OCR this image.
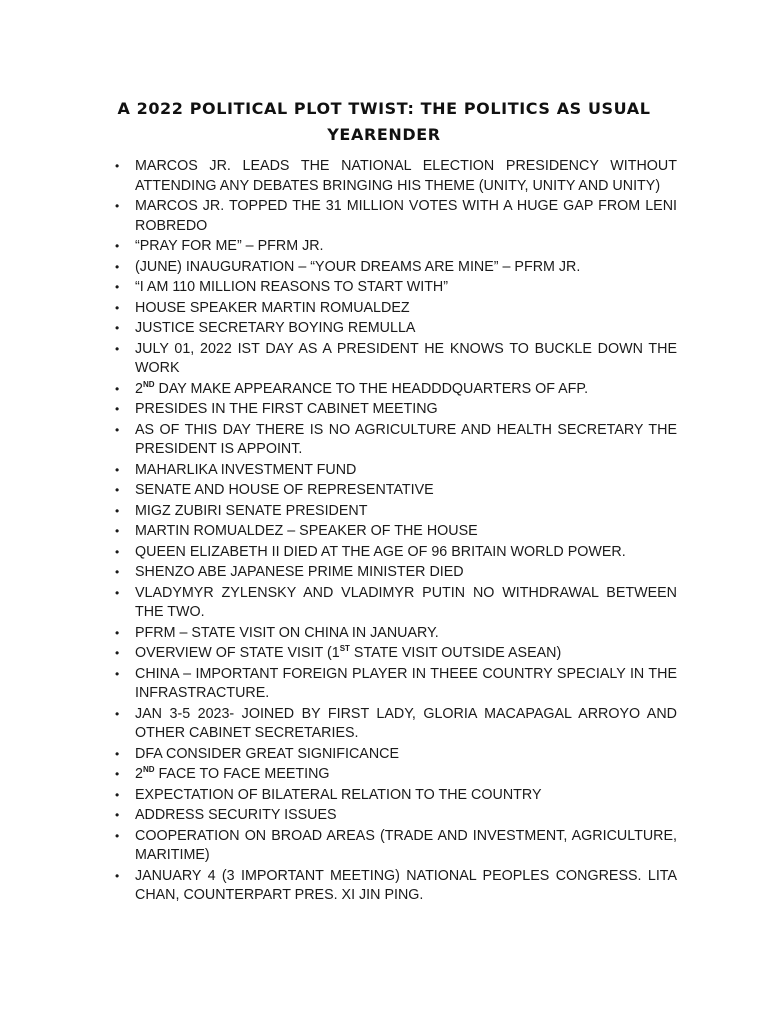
A 2022 POLITICAL PLOT TWIST: THE POLITICS AS USUAL
YEARENDER
•	MARCOS JR. LEADS THE NATIONAL ELECTION PRESIDENCY WITHOUT ATTENDING ANY DEBATES BRINGING HIS THEME (UNITY, UNITY AND UNITY)
•	MARCOS JR. TOPPED THE 31 MILLION VOTES WITH A HUGE GAP FROM LENI ROBREDO
•	“PRAY FOR ME” – PFRM JR.
•	(JUNE) INAUGURATION – “YOUR DREAMS ARE MINE” – PFRM JR.
•	“I AM 110 MILLION REASONS TO START WITH”
•	HOUSE SPEAKER MARTIN ROMUALDEZ
•	JUSTICE SECRETARY BOYING REMULLA
•	JULY 01, 2022 IST DAY AS A PRESIDENT HE KNOWS TO BUCKLE DOWN THE WORK
•	2ND DAY MAKE APPEARANCE TO THE HEADDDQUARTERS OF AFP.
•	PRESIDES IN THE FIRST CABINET MEETING
•	AS OF THIS DAY THERE IS NO AGRICULTURE AND HEALTH SECRETARY THE PRESIDENT IS APPOINT.
•	MAHARLIKA INVESTMENT FUND
•	SENATE AND HOUSE OF REPRESENTATIVE
•	MIGZ ZUBIRI SENATE PRESIDENT
•	MARTIN ROMUALDEZ – SPEAKER OF THE HOUSE
•	QUEEN ELIZABETH II DIED AT THE AGE OF 96 BRITAIN WORLD POWER.
•	SHENZO ABE JAPANESE PRIME MINISTER DIED
•	VLADYMYR ZYLENSKY AND VLADIMYR PUTIN NO WITHDRAWAL BETWEEN THE TWO.
•	PFRM – STATE VISIT ON CHINA IN JANUARY.
•	OVERVIEW OF STATE VISIT (1ST STATE VISIT OUTSIDE ASEAN)
•	CHINA – IMPORTANT FOREIGN PLAYER IN THEEE COUNTRY SPECIALY IN THE INFRASTRACTURE.
•	JAN 3-5 2023- JOINED BY FIRST LADY, GLORIA MACAPAGAL ARROYO AND OTHER CABINET SECRETARIES.
•	DFA CONSIDER GREAT SIGNIFICANCE
•	2ND FACE TO FACE MEETING
•	EXPECTATION OF BILATERAL RELATION TO THE COUNTRY
•	ADDRESS SECURITY ISSUES
•	COOPERATION ON BROAD AREAS (TRADE AND INVESTMENT, AGRICULTURE, MARITIME)
•	JANUARY 4 (3 IMPORTANT MEETING) NATIONAL PEOPLES CONGRESS. LITA CHAN, COUNTERPART PRES. XI JIN PING.
